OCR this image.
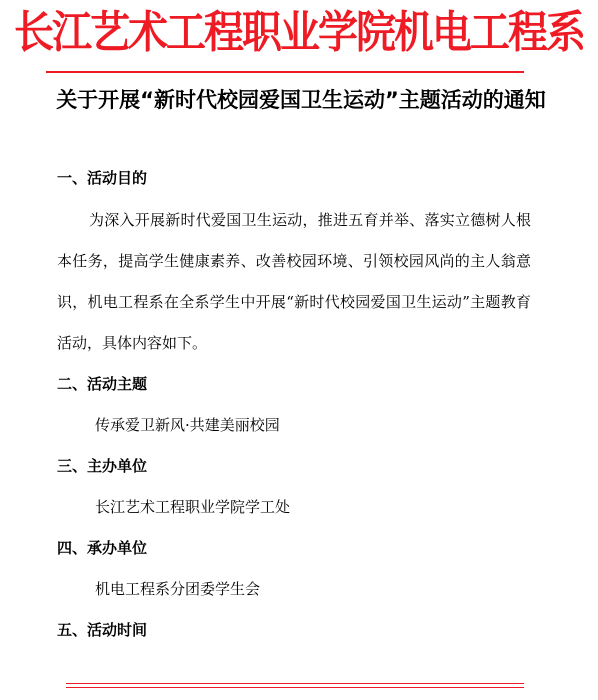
长江艺术工程职业学院机电工程系
关于开展“新时代校园爱国卫生运动”主题活动的通知
一、活动目的
为深入开展新时代爱国卫生运动，推进五育并举、落实立德树人根本任务，提高学生健康素养、改善校园环境、引领校园风尚的主人翁意识，机电工程系在全系学生中开展“新时代校园爱国卫生运动”主题教育活动，具体内容如下。
二、活动主题
传承爱卫新风·共建美丽校园
三、主办单位
长江艺术工程职业学院学工处
四、承办单位
机电工程系分团委学生会
五、活动时间
